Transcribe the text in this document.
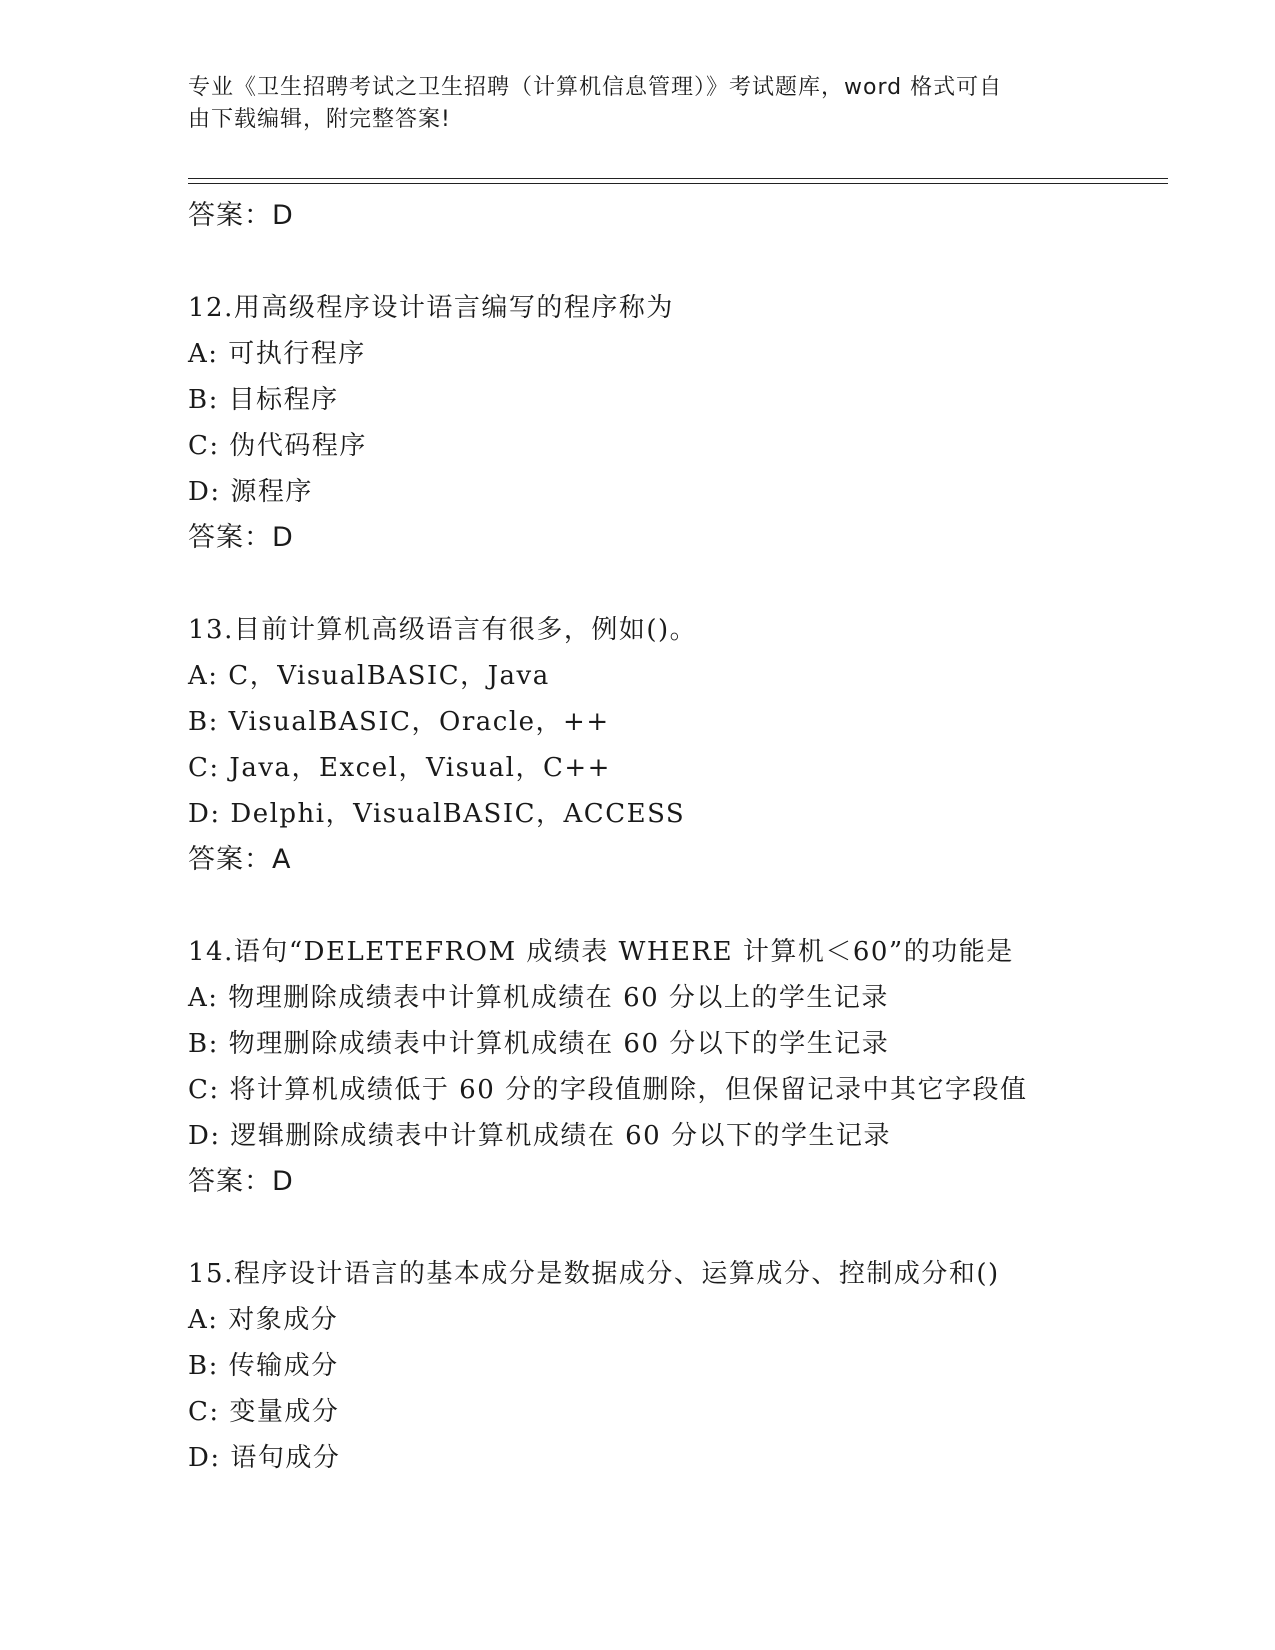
专业《卫生招聘考试之卫生招聘（计算机信息管理）》考试题库，word 格式可自
由下载编辑，附完整答案!
答案：D
12.用高级程序设计语言编写的程序称为
A: 可执行程序
B: 目标程序
C: 伪代码程序
D: 源程序
答案：D
13.目前计算机高级语言有很多，例如()。
A: C，VisualBASIC，Java
B: VisualBASIC，Oracle，++
C: Java，Excel，Visual，C++
D: Delphi，VisualBASIC，ACCESS
答案：A
14.语句“DELETEFROM 成绩表 WHERE 计算机＜60”的功能是
A: 物理删除成绩表中计算机成绩在 60 分以上的学生记录
B: 物理删除成绩表中计算机成绩在 60 分以下的学生记录
C: 将计算机成绩低于 60 分的字段值删除，但保留记录中其它字段值
D: 逻辑删除成绩表中计算机成绩在 60 分以下的学生记录
答案：D
15.程序设计语言的基本成分是数据成分、运算成分、控制成分和()
A: 对象成分
B: 传输成分
C: 变量成分
D: 语句成分
